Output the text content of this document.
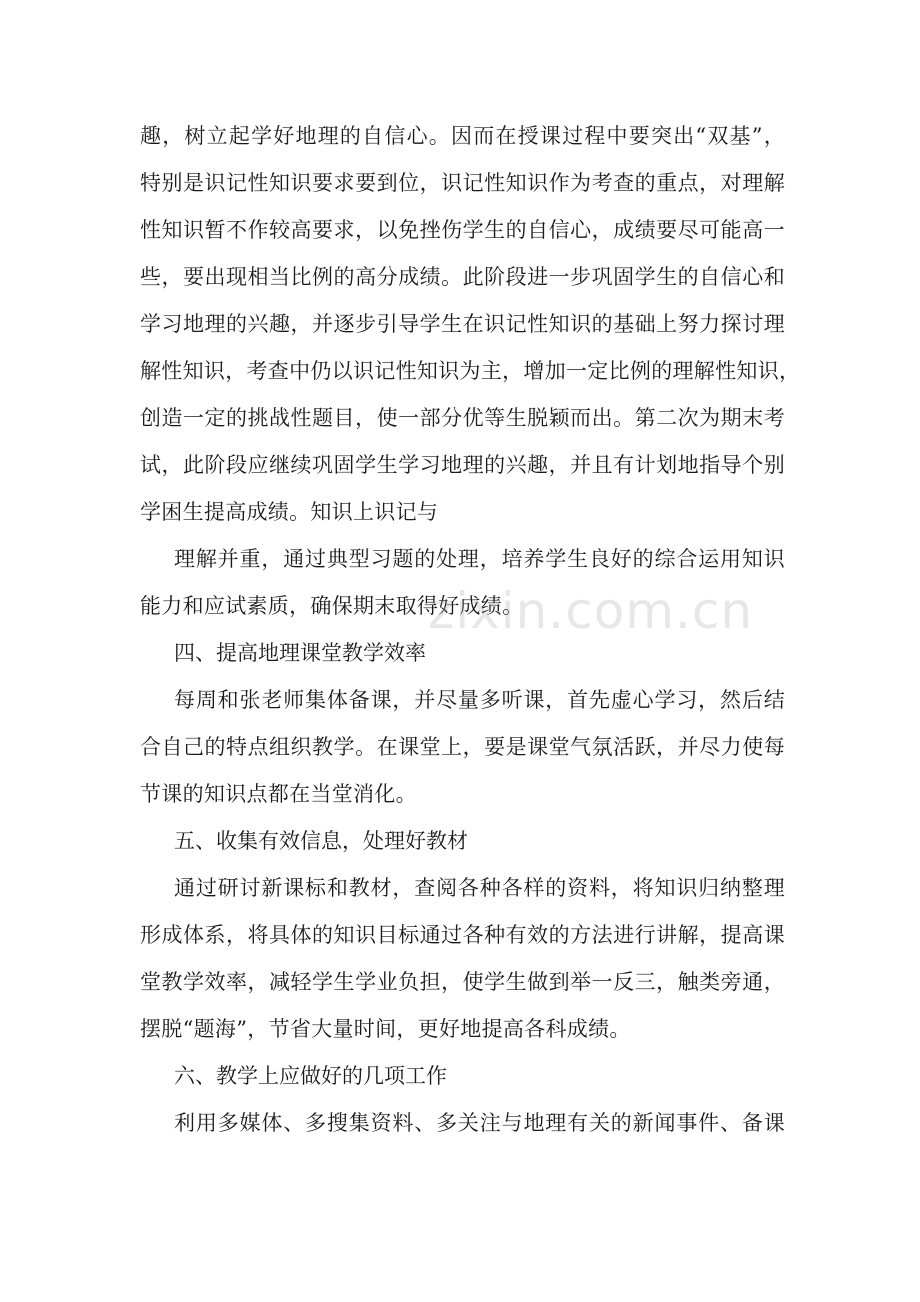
趣，树立起学好地理的自信心。因而在授课过程中要突出“双基”，
特别是识记性知识要求要到位，识记性知识作为考查的重点，对理解
性知识暂不作较高要求，以免挫伤学生的自信心，成绩要尽可能高一
些，要出现相当比例的高分成绩。此阶段进一步巩固学生的自信心和
学习地理的兴趣，并逐步引导学生在识记性知识的基础上努力探讨理
解性知识，考查中仍以识记性知识为主，增加一定比例的理解性知识，
创造一定的挑战性题目，使一部分优等生脱颖而出。第二次为期末考
试，此阶段应继续巩固学生学习地理的兴趣，并且有计划地指导个别
学困生提高成绩。知识上识记与
理解并重，通过典型习题的处理，培养学生良好的综合运用知识
能力和应试素质，确保期末取得好成绩。
四、提高地理课堂教学效率
每周和张老师集体备课，并尽量多听课，首先虚心学习，然后结
合自己的特点组织教学。在课堂上，要是课堂气氛活跃，并尽力使每
节课的知识点都在当堂消化。
五、收集有效信息，处理好教材
通过研讨新课标和教材，查阅各种各样的资料，将知识归纳整理
形成体系，将具体的知识目标通过各种有效的方法进行讲解，提高课
堂教学效率，减轻学生学业负担，使学生做到举一反三，触类旁通，
摆脱“题海”，节省大量时间，更好地提高各科成绩。
六、教学上应做好的几项工作
利用多媒体、多搜集资料、多关注与地理有关的新闻事件、备课
zixin.com.cn
